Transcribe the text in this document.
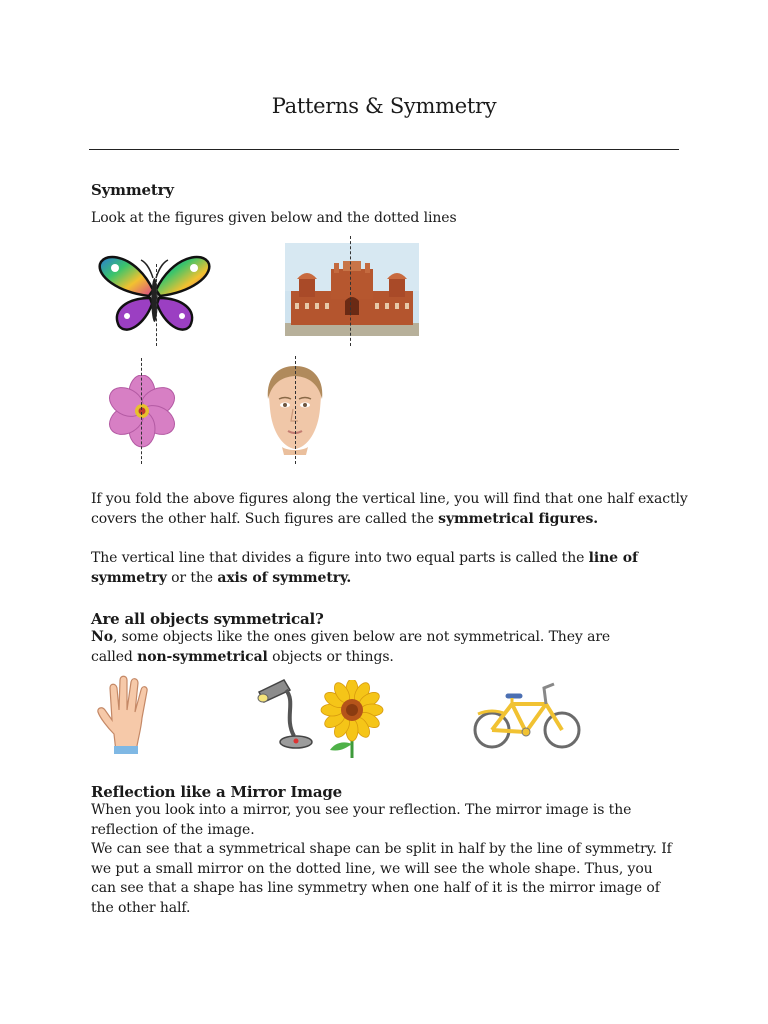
Patterns & Symmetry
Symmetry
Look at the figures given below and the dotted lines
If you fold the above figures along the vertical line, you will find that one half exactly covers the other half. Such figures are called the symmetrical figures.
The vertical line that divides a figure into two equal parts is called the line of symmetry or the axis of symmetry.
Are all objects symmetrical?
No, some objects like the ones given below are not symmetrical. They are called non-symmetrical objects or things.
Reflection like a Mirror Image
When you look into a mirror, you see your reflection. The mirror image is the reflection of the image.
We can see that a symmetrical shape can be split in half by the line of symmetry. If we put a small mirror on the dotted line, we will see the whole shape. Thus, you can see that a shape has line symmetry when one half of it is the mirror image of the other half.
